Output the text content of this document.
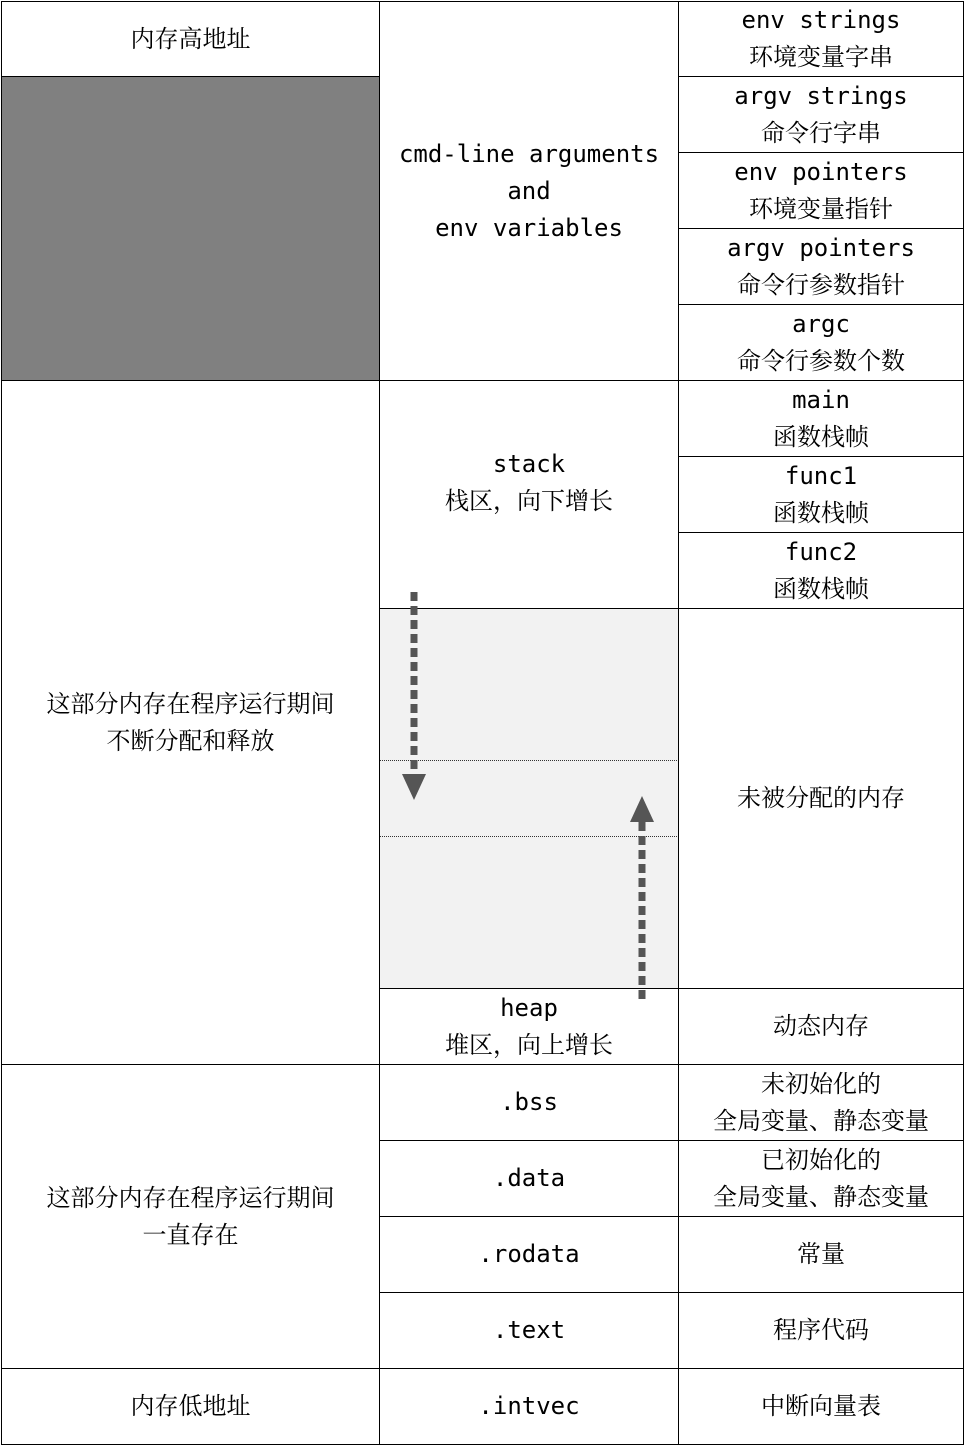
内存高地址
这部分内存在程序运行期间
不断分配和释放
这部分内存在程序运行期间
一直存在
内存低地址
cmd-line arguments
and
env variables
stack
栈区，向下增长
heap
堆区，向上增长
.bss
.data
.rodata
.text
.intvec
env strings
环境变量字串
argv strings
命令行字串
env pointers
环境变量指针
argv pointers
命令行参数指针
argc
命令行参数个数
main
函数栈帧
func1
函数栈帧
func2
函数栈帧
未被分配的内存
动态内存
未初始化的
全局变量、静态变量
已初始化的
全局变量、静态变量
常量
程序代码
中断向量表
